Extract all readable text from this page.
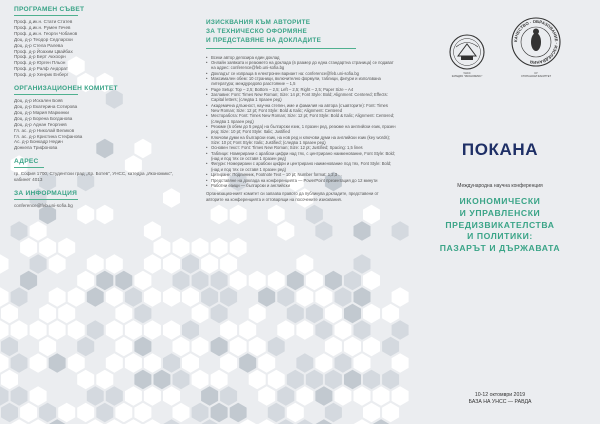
ПРОГРАМЕН СЪВЕТ
Проф. д.ик.н. Стати Статев
Проф. д.ик.н. Румен Гечев
Проф. д.ик.н. Георги Чобанов
Доц. д-р Теодор Седларски
Доц. д-р Стела Ралева
Проф. д-р Йоахим Цвайбах
Проф. д-р Берт Акхоорн
Проф. д-р Юрген Пльон
Проф. д-р Ралф Андорат
Проф. д-р Хенрик Енберг
ОРГАНИЗАЦИОНЕН КОМИТЕТ
Доц. д-р Искален Бояв
Доц. д-р Екатерина Сотирова
Доц. д-р Мария Маркинки
Доц. д-р Борена Богданова
Доц. д-р Аднан Георгиев
Гл. ас. д-р Николай Великов
Гл. ас. д-р Кристина Стефанова
Ас. д-р Бонкадр Недин
Донкела Трифонова
АДРЕС
гр. София 1700, Студентски град „Хр. Ботев", УНСС, катедра „Икономикс", кабинет 4013
ЗА ИНФОРМАЦИЯ
conference@feb.uni-sofia.bg
ИЗИСКВАНИЯ КЪМ АВТОРИТЕ
ЗА ТЕХНИЧЕСКО ОФОРМЯНЕ
И ПРЕДСТАВЯНЕ НА ДОКЛАДИТЕ
• Всеки автор депозира един доклад
• Онлайн заявката и резюмето на доклада (в размер до една стандартна страница) се подават на адрес: conference@feb.uni-sofia.bg
• Докладът се изпраща в електронен вариант на: conference@feb.uni-sofia.bg
• Максимален обем: 10 страници, включително формули, таблици, фигури и използвана литература; междуредово разстояние – 1,5
• Page Setup: Top – 2,5; Bottom – 2,5; Left – 2,5; Right – 2,5; Paper Size – A4
• Заглавие: Font: Times New Roman; Size: 14 pt; Font Style: Bold; Alignment: Centered; Effects: Capital letters; (следва 1 празен ред)
• Академична длъжност, научна степен, име и фамилия на автора (съавторите): Font: Times New Roman; Size: 12 pt; Font Style: Bold & Italic; Alignment: Centered
• Месторабота: Font: Times New Roman; Size: 12 pt; Font Style: Bold & Italic; Alignment: Centered; (следва 1 празен ред)
• Резюме (в обем до 5 реда) на български език, 1 празен ред, резюме на английски език, празен ред; Size: 10 pt; Font Style: Italic; Justified
• Ключови думи на български език, на нов ред и ключови думи на английски език (key words); Size: 10 pt; Font Style: Italic; Justified; (следва 1 празен ред)
• Основен текст: Font: Times New Roman; Size: 12 pt; Justified; Spacing: 1,5 lines
• Таблици: Номерирани с арабски цифри над тях, с центрирано наименование, Font Style: Bold; (над и под тях се оставя 1 празен ред)
• Фигури: Номерирани с арабски цифри и центрирано наименование под тях, Font Style: Bold; (над и под тях се оставя 1 празен ред)
• Цитиране: Подлинник, Footnote Text – 10 pt; Number format: 1,2,3 ...
• Представяне на доклада на конференцията — PowerPoint презентация до 12 минути
• Работни езици — български и английски
Организационният комитет си запазва правото да публикува докладите, представени от авторите на конференцията и отговарящи на посочените изисквания.
УНСС
КАТЕДРА "ИКОНОМИКС"
КАЧЕСТВО · ОБРАЗОВАНИЕ · ИЗСЛЕДВАНИЯ
СУ
СТОПАНСКИ ФАКУЛТЕТ
ПОКАНА
Международна научна конференция
ИКОНОМИЧЕСКИ
И УПРАВЛЕНСКИ
ПРЕДИЗВИКАТЕЛСТВА
И ПОЛИТИКИ:
ПАЗАРЪТ И ДЪРЖАВАТА
10-12 октомври 2019
БАЗА НА УНСС — РАВДА
